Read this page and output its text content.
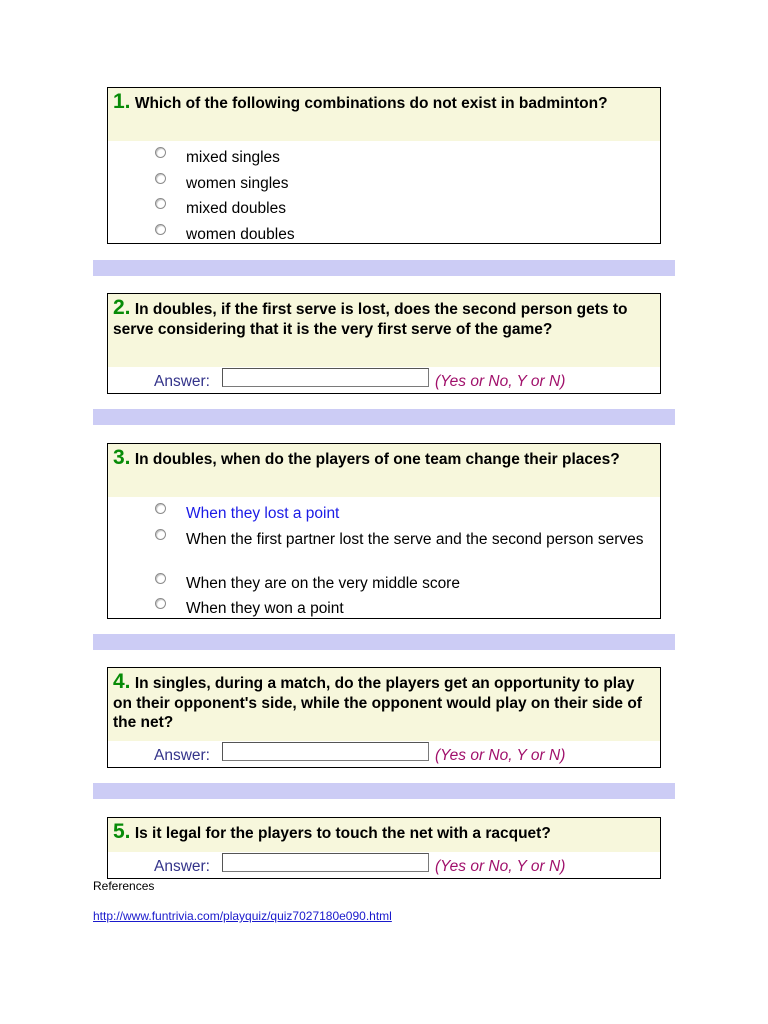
1. Which of the following combinations do not exist in badminton?
mixed singles
women singles
mixed doubles
women doubles
2. In doubles, if the first serve is lost, does the second person gets to serve considering that it is the very first serve of the game?
Answer:	(Yes or No, Y or N)
3. In doubles, when do the players of one team change their places?
When they lost a point
When the first partner lost the serve and the second person serves
When they are on the very middle score
When they won a point
4. In singles, during a match, do the players get an opportunity to play on their opponent's side, while the opponent would play on their side of the net?
Answer:	(Yes or No, Y or N)
5. Is it legal for the players to touch the net with a racquet?
Answer:	(Yes or No, Y or N)
References
http://www.funtrivia.com/playquiz/quiz7027180e090.html
